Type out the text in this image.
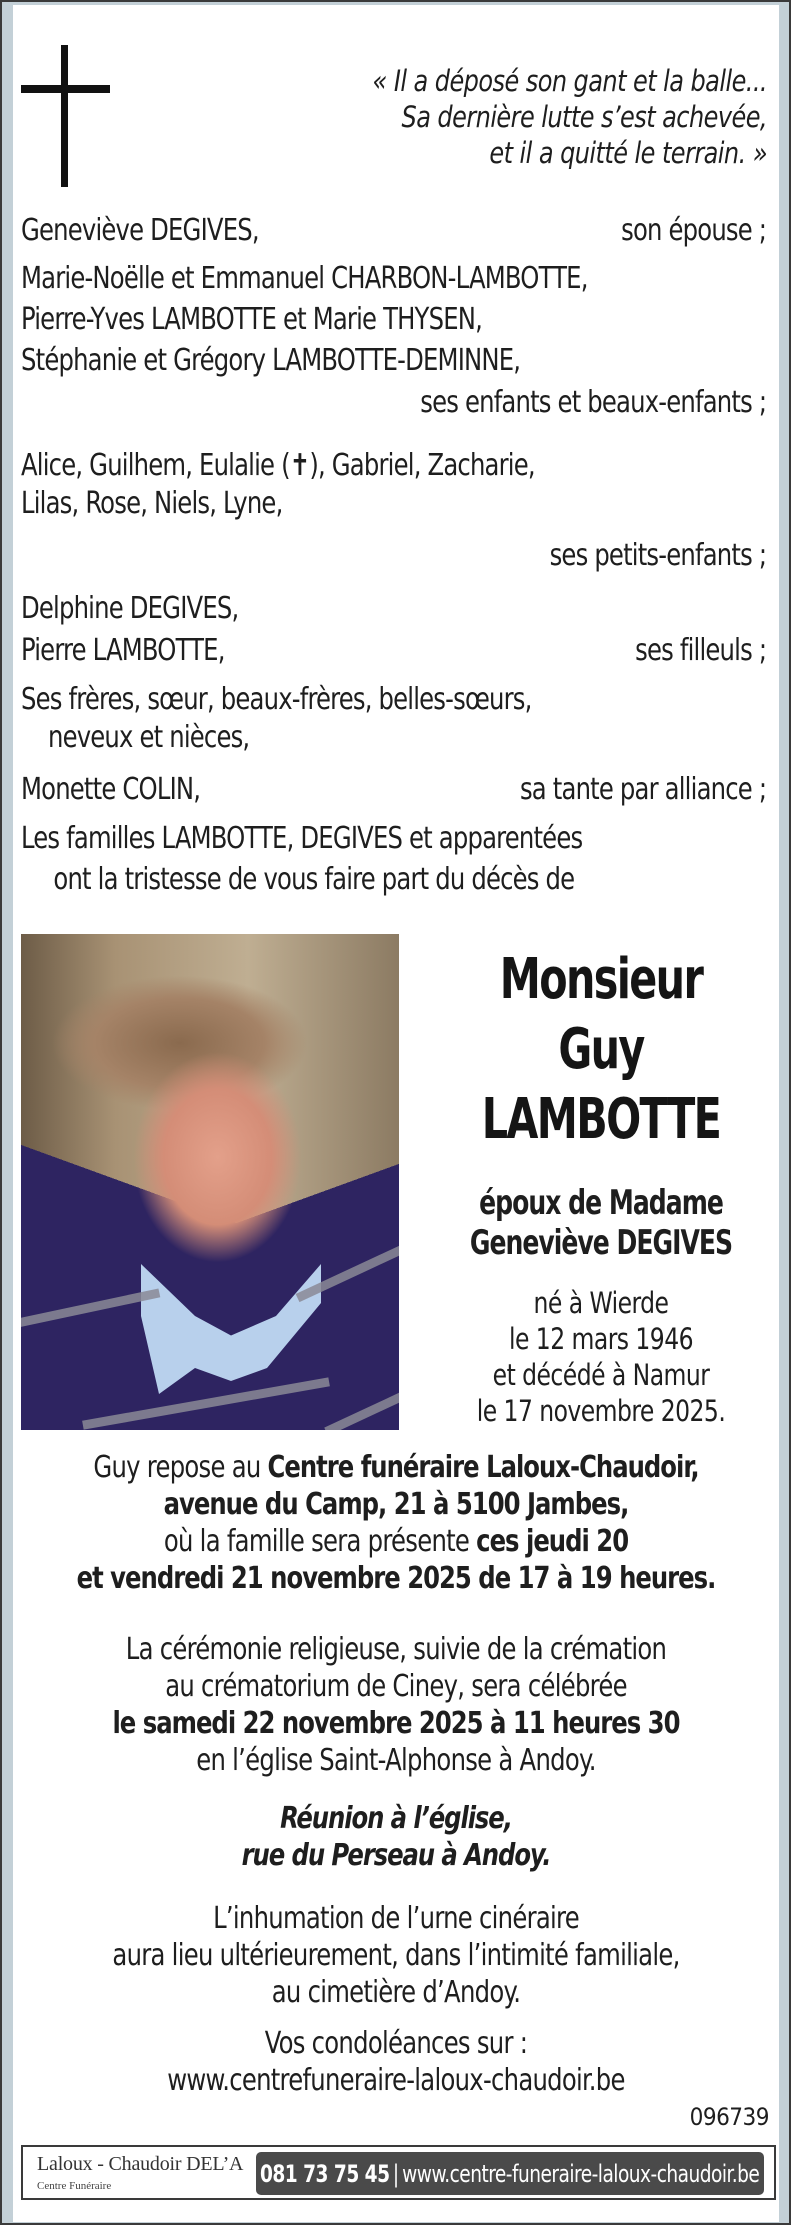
« Il a déposé son gant et la balle...
Sa dernière lutte s’est achevée,
et il a quitté le terrain. »
Geneviève DEGIVES,	son épouse ;
Marie-Noëlle et Emmanuel CHARBON-LAMBOTTE,
Pierre-Yves LAMBOTTE et Marie THYSEN,
Stéphanie et Grégory LAMBOTTE-DEMINNE,
ses enfants et beaux-enfants ;
Alice, Guilhem, Eulalie (✝), Gabriel, Zacharie,
Lilas, Rose, Niels, Lyne,
ses petits-enfants ;
Delphine DEGIVES,
Pierre LAMBOTTE,	ses filleuls ;
Ses frères, sœur, beaux-frères, belles-sœurs,
neveux et nièces,
Monette COLIN,	sa tante par alliance ;
Les familles LAMBOTTE, DEGIVES et apparentées
ont la tristesse de vous faire part du décès de
Monsieur
Guy
LAMBOTTE
époux de Madame
Geneviève DEGIVES
né à Wierde
le 12 mars 1946
et décédé à Namur
le 17 novembre 2025.
Guy repose au Centre funéraire Laloux-Chaudoir,
avenue du Camp, 21 à 5100 Jambes,
où la famille sera présente ces jeudi 20
et vendredi 21 novembre 2025 de 17 à 19 heures.
La cérémonie religieuse, suivie de la crémation
au crématorium de Ciney, sera célébrée
le samedi 22 novembre 2025 à 11 heures 30
en l’église Saint-Alphonse à Andoy.
Réunion à l’église,
rue du Perseau à Andoy.
L’inhumation de l’urne cinéraire
aura lieu ultérieurement, dans l’intimité familiale,
au cimetière d’Andoy.
Vos condoléances sur :
www.centrefuneraire-laloux-chaudoir.be
096739
Laloux - Chaudoir DEL’A
Centre Funéraire	081 73 75 45 | www.centre-funeraire-laloux-chaudoir.be
